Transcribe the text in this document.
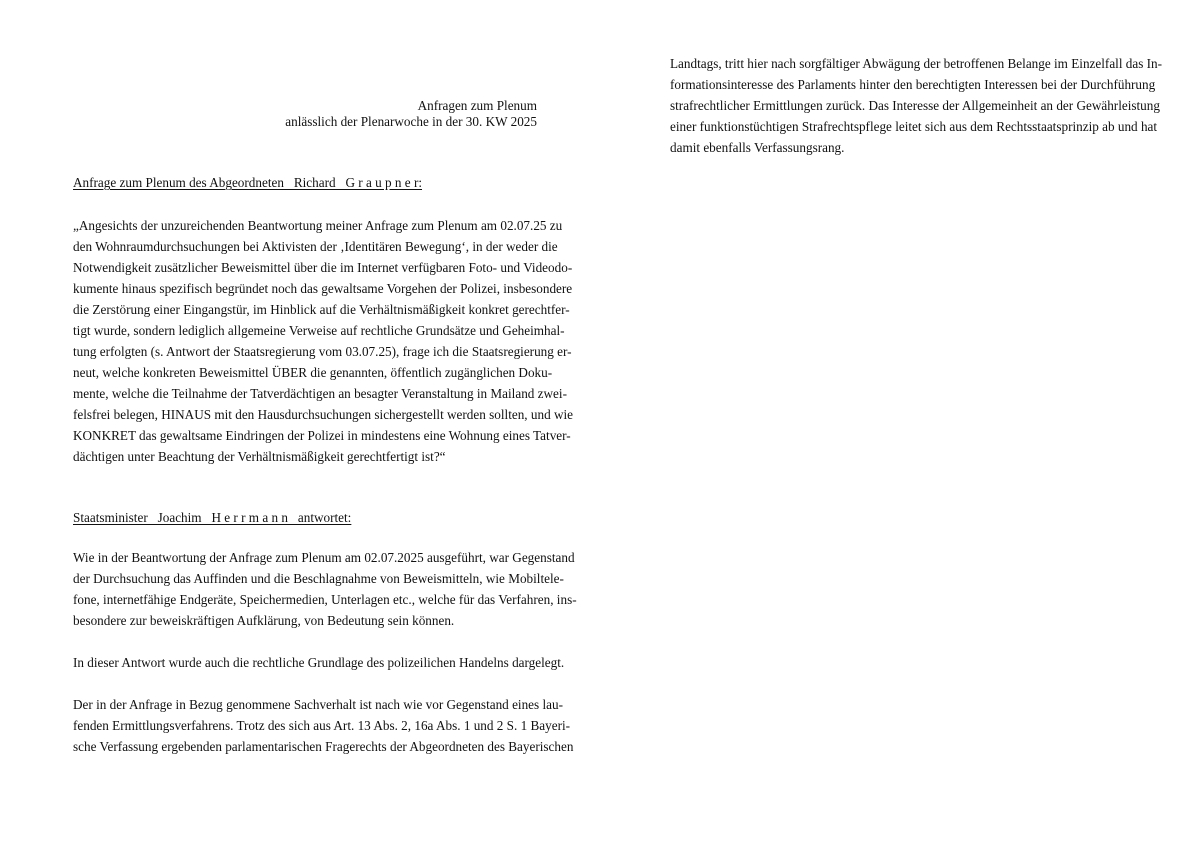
Anfragen zum Plenum
anlässlich der Plenarwoche in der 30. KW 2025
Anfrage zum Plenum des Abgeordneten   Richard   G r a u p n e r:
„Angesichts der unzureichenden Beantwortung meiner Anfrage zum Plenum am 02.07.25 zu
den Wohnraumdurchsuchungen bei Aktivisten der ‚Identitären Bewegung‘, in der weder die
Notwendigkeit zusätzlicher Beweismittel über die im Internet verfügbaren Foto- und Videodo-
kumente hinaus spezifisch begründet noch das gewaltsame Vorgehen der Polizei, insbesondere
die Zerstörung einer Eingangstür, im Hinblick auf die Verhältnismäßigkeit konkret gerechtfer-
tigt wurde, sondern lediglich allgemeine Verweise auf rechtliche Grundsätze und Geheimhal-
tung erfolgten (s. Antwort der Staatsregierung vom 03.07.25), frage ich die Staatsregierung er-
neut, welche konkreten Beweismittel ÜBER die genannten, öffentlich zugänglichen Doku-
mente, welche die Teilnahme der Tatverdächtigen an besagter Veranstaltung in Mailand zwei-
felsfrei belegen, HINAUS mit den Hausdurchsuchungen sichergestellt werden sollten, und wie
KONKRET das gewaltsame Eindringen der Polizei in mindestens eine Wohnung eines Tatver-
dächtigen unter Beachtung der Verhältnismäßigkeit gerechtfertigt ist?“
Staatsminister   Joachim   H e r r m a n n   antwortet:
Wie in der Beantwortung der Anfrage zum Plenum am 02.07.2025 ausgeführt, war Gegenstand
der Durchsuchung das Auffinden und die Beschlagnahme von Beweismitteln, wie Mobiltele-
fone, internetfähige Endgeräte, Speichermedien, Unterlagen etc., welche für das Verfahren, ins-
besondere zur beweiskräftigen Aufklärung, von Bedeutung sein können.
In dieser Antwort wurde auch die rechtliche Grundlage des polizeilichen Handelns dargelegt.
Der in der Anfrage in Bezug genommene Sachverhalt ist nach wie vor Gegenstand eines lau-
fenden Ermittlungsverfahrens. Trotz des sich aus Art. 13 Abs. 2, 16a Abs. 1 und 2 S. 1 Bayeri-
sche Verfassung ergebenden parlamentarischen Fragerechts der Abgeordneten des Bayerischen
Landtags, tritt hier nach sorgfältiger Abwägung der betroffenen Belange im Einzelfall das In-
formationsinteresse des Parlaments hinter den berechtigten Interessen bei der Durchführung
strafrechtlicher Ermittlungen zurück. Das Interesse der Allgemeinheit an der Gewährleistung
einer funktionstüchtigen Strafrechtspflege leitet sich aus dem Rechtsstaatsprinzip ab und hat
damit ebenfalls Verfassungsrang.
